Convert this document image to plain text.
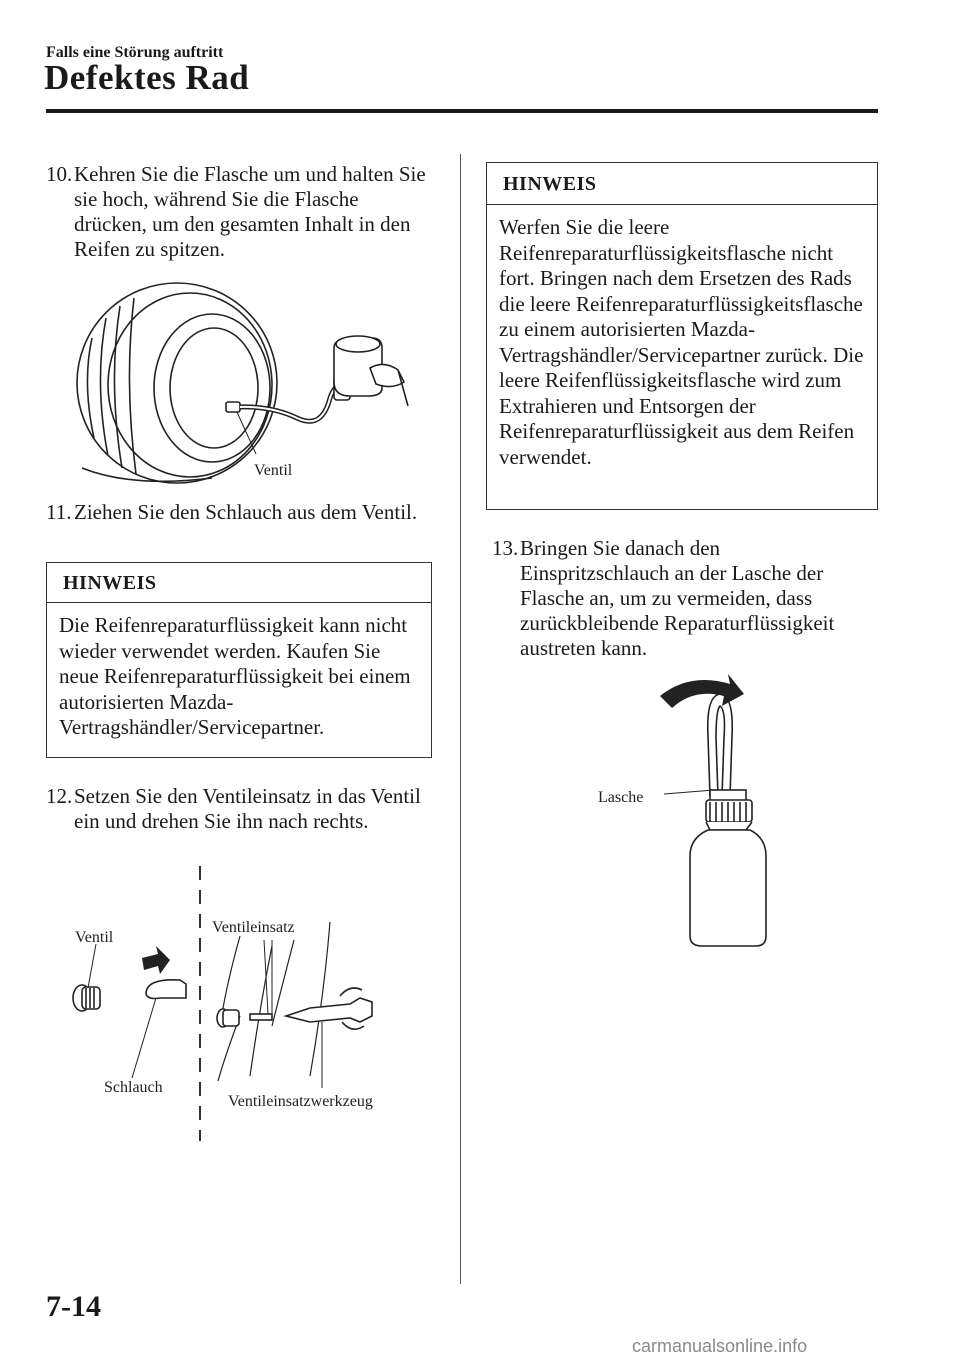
Falls eine Störung auftritt
Defektes Rad
10. Kehren Sie die Flasche um und halten Sie sie hoch, während Sie die Flasche drücken, um den gesamten Inhalt in den Reifen zu spitzen.
Ventil
11. Ziehen Sie den Schlauch aus dem Ventil.
HINWEIS
Die Reifenreparaturflüssigkeit kann nicht wieder verwendet werden. Kaufen Sie neue Reifenreparaturflüssigkeit bei einem autorisierten Mazda-Vertragshändler/Servicepartner.
12. Setzen Sie den Ventileinsatz in das Ventil ein und drehen Sie ihn nach rechts.
Ventil
Ventileinsatz
Schlauch
Ventileinsatzwerkzeug
HINWEIS
Werfen Sie die leere Reifenreparaturflüssigkeitsflasche nicht fort. Bringen nach dem Ersetzen des Rads die leere Reifenreparaturflüssigkeitsflasche zu einem autorisierten Mazda-Vertragshändler/Servicepartner zurück. Die leere Reifenflüssigkeitsflasche wird zum Extrahieren und Entsorgen der Reifenreparaturflüssigkeit aus dem Reifen verwendet.
13. Bringen Sie danach den Einspritzschlauch an der Lasche der Flasche an, um zu vermeiden, dass zurückbleibende Reparaturflüssigkeit austreten kann.
Lasche
7-14
carmanualsonline.info
